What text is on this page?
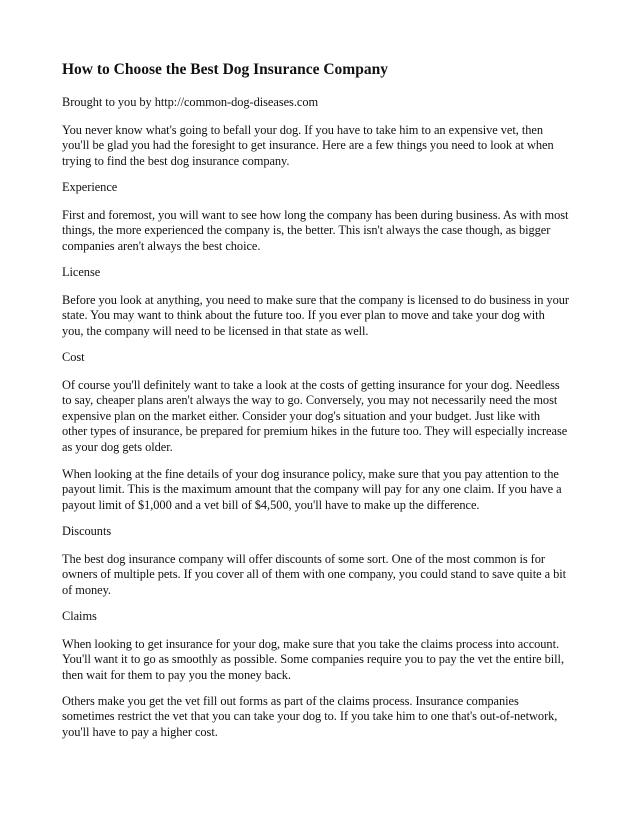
How to Choose the Best Dog Insurance Company

Brought to you by http://common-dog-diseases.com

You never know what's going to befall your dog. If you have to take him to an expensive vet, then
you'll be glad you had the foresight to get insurance. Here are a few things you need to look at when
trying to find the best dog insurance company.

Experience

First and foremost, you will want to see how long the company has been during business. As with most
things, the more experienced the company is, the better. This isn't always the case though, as bigger
companies aren't always the best choice.

License

Before you look at anything, you need to make sure that the company is licensed to do business in your
state. You may want to think about the future too. If you ever plan to move and take your dog with
you, the company will need to be licensed in that state as well.

Cost

Of course you'll definitely want to take a look at the costs of getting insurance for your dog. Needless
to say, cheaper plans aren't always the way to go. Conversely, you may not necessarily need the most
expensive plan on the market either. Consider your dog's situation and your budget. Just like with
other types of insurance, be prepared for premium hikes in the future too. They will especially increase
as your dog gets older.

When looking at the fine details of your dog insurance policy, make sure that you pay attention to the
payout limit. This is the maximum amount that the company will pay for any one claim. If you have a
payout limit of $1,000 and a vet bill of $4,500, you'll have to make up the difference.

Discounts

The best dog insurance company will offer discounts of some sort. One of the most common is for
owners of multiple pets. If you cover all of them with one company, you could stand to save quite a bit
of money.

Claims

When looking to get insurance for your dog, make sure that you take the claims process into account.
You'll want it to go as smoothly as possible. Some companies require you to pay the vet the entire bill,
then wait for them to pay you the money back.

Others make you get the vet fill out forms as part of the claims process. Insurance companies
sometimes restrict the vet that you can take your dog to. If you take him to one that's out-of-network,
you'll have to pay a higher cost.
